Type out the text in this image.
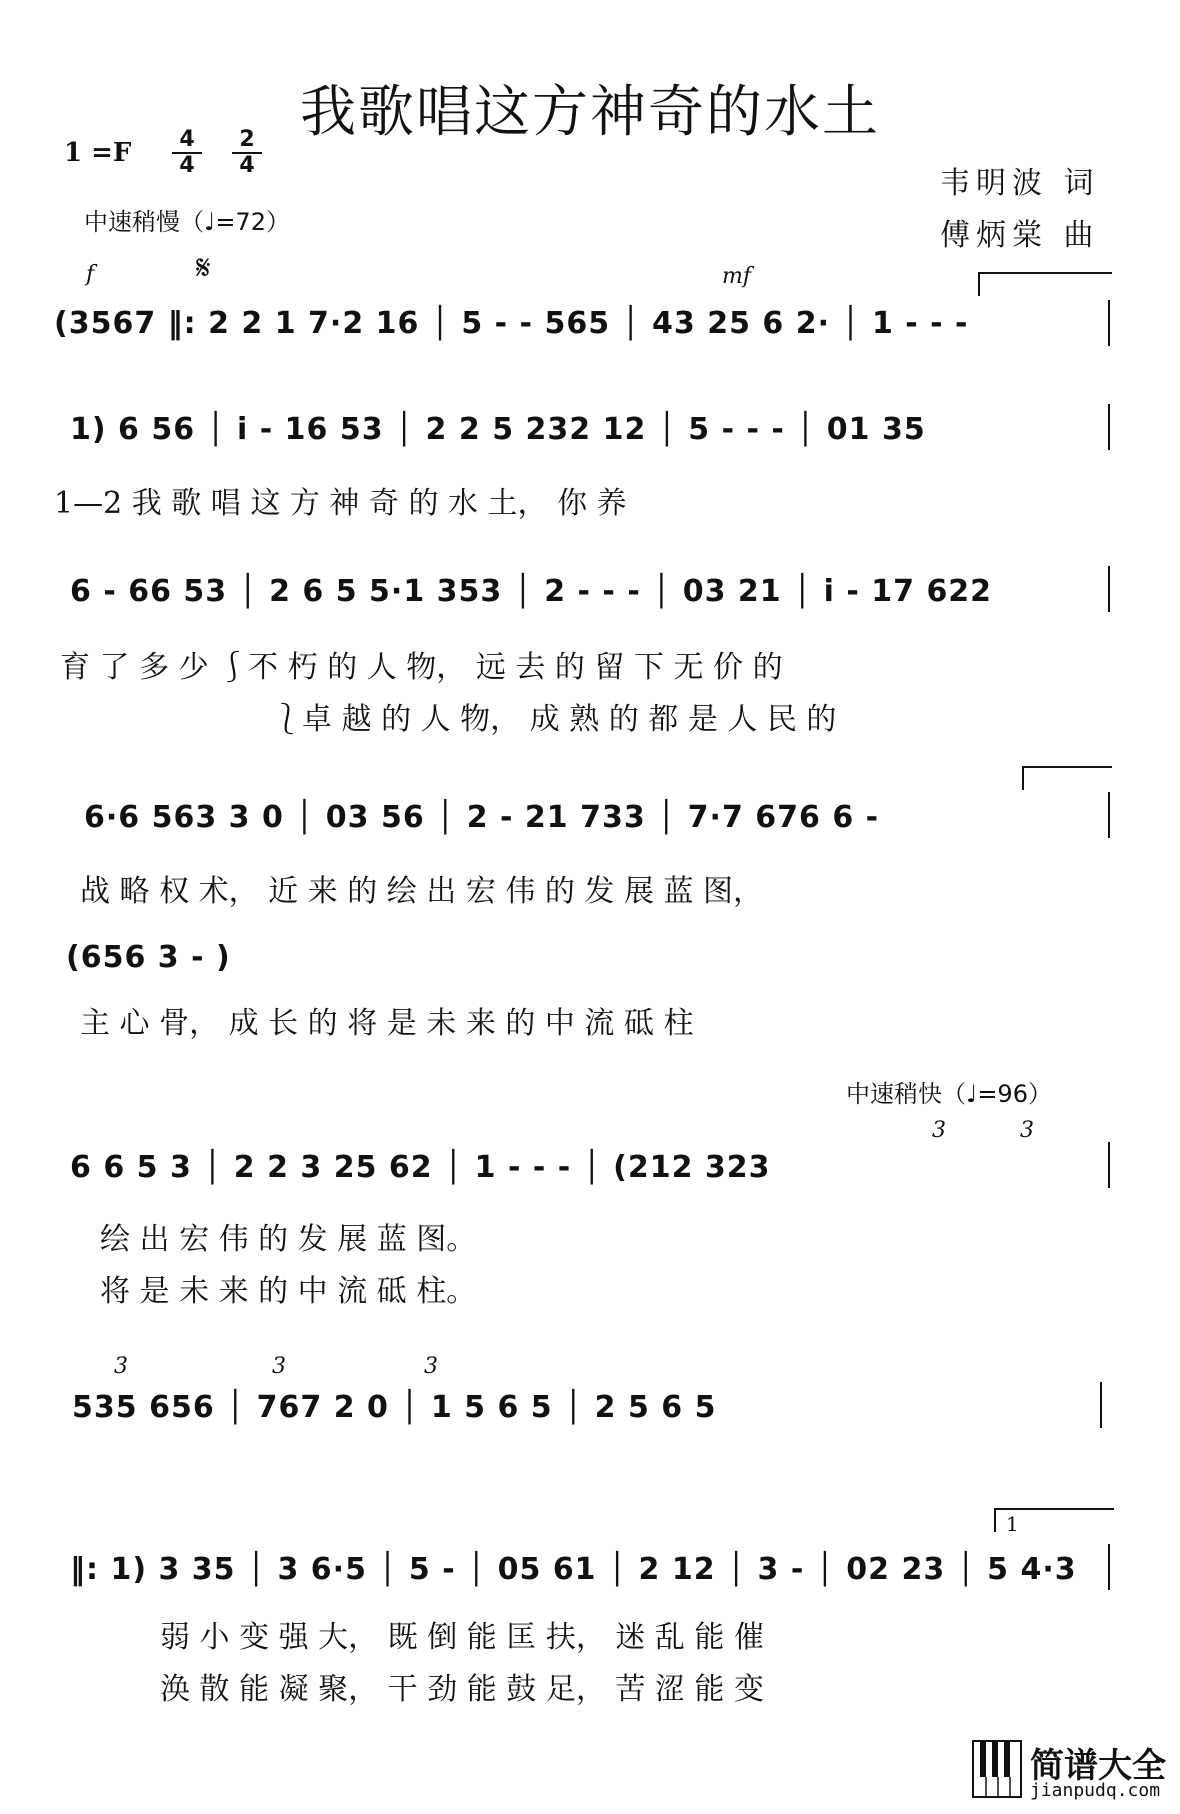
我歌唱这方神奇的水土
$1 =F \frac{4}{4} \frac{2}{4}$
韦明波 词
傅炳棠 曲
中速稍慢（♩=72）
f	𝄋	mf
(3567 ‖: 2 2 1 7·2 16 │ 5 - - 565 │ 43 25 6 2· │ 1 - - -
1) 6 56 │ i - 16 53 │ 2 2 5 232 12 │ 5 - - - │ 01 35
1—2 我 歌 唱 这 方 神 奇 的 水 土， 你 养
6 - 66 53 │ 2 6 5 5·1 353 │ 2 - - - │ 03 21 │ i - 17 622
育 了 多 少 ⎰不 朽 的 人 物， 远 去 的 留 下 无 价 的
⎱卓 越 的 人 物， 成 熟 的 都 是 人 民 的
6·6 563 3 0 │ 03 56 │ 2 - 21 733 │ 7·7 676 6 -
战 略 权 术， 近 来 的 绘 出 宏 伟 的 发 展 蓝 图，
(656 3 - )
主 心 骨， 成 长 的 将 是 未 来 的 中 流 砥 柱
中速稍快（♩=96）
6 6 5 3 │ 2 2 3 25 62 │ 1 - - - │ (212 323
3	3
绘 出 宏 伟 的 发 展 蓝 图。
将 是 未 来 的 中 流 砥 柱。
3	3	3
535 656 │ 767 2 0 │ 1 5 6 5 │ 2 5 6 5
1
‖: 1) 3 35 │ 3 6·5 │ 5 - │ 05 61 │ 2 12 │ 3 - │ 02 23 │ 5 4·3
弱 小 变 强 大， 既 倒 能 匡 扶， 迷 乱 能 催
涣 散 能 凝 聚， 干 劲 能 鼓 足， 苦 涩 能 变
简谱大全
jianpudq.com
